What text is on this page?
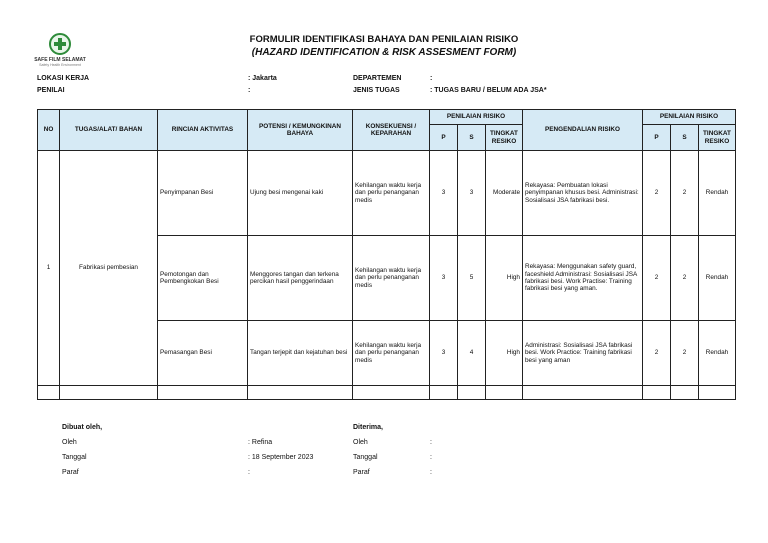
SAFE FILM SELAMAT
Safety Health Environment
FORMULIR IDENTIFIKASI BAHAYA DAN PENILAIAN RISIKO
(HAZARD IDENTIFICATION & RISK ASSESMENT FORM)
LOKASI KERJA	: Jakarta
PENILAI	:
DEPARTEMEN	:
JENIS TUGAS	: TUGAS BARU / BELUM ADA JSA*
NO	TUGAS/ALAT/ BAHAN	RINCIAN AKTIVITAS	POTENSI / KEMUNGKINAN BAHAYA	KONSEKUENSI / KEPARAHAN	PENILAIAN RISIKO			PENGENDALIAN RISIKO	PENILAIAN RISIKO		
					P	S	TINGKAT RESIKO		P	S	TINGKAT RESIKO
1	Fabrikasi pembesian	Penyimpanan Besi	Ujung besi mengenai kaki	Kehilangan waktu kerja dan perlu penanganan medis	3	3	Moderate	Rekayasa: Pembuatan lokasi penyimpanan khusus besi. Administrasi: Sosialisasi JSA fabrikasi besi.	2	2	Rendah
		Pemotongan dan Pembengkokan Besi	Menggores tangan dan terkena percikan hasil penggerindaan	Kehilangan waktu kerja dan perlu penanganan medis	3	5	High	Rekayasa: Menggunakan safety guard, faceshield Administrasi: Sosialisasi JSA fabrikasi besi. Work Practise: Training fabrikasi besi yang aman.	2	2	Rendah
		Pemasangan Besi	Tangan terjepit dan kejatuhan besi	Kehilangan waktu kerja dan perlu penanganan medis	3	4	High	Administrasi: Sosialisasi JSA fabrikasi besi. Work Practice: Training fabrikasi besi yang aman	2	2	Rendah

Dibuat oleh,
Oleh	: Refina
Tanggal	: 18 September 2023
Paraf	:
Diterima,
Oleh	:
Tanggal	:
Paraf	:
